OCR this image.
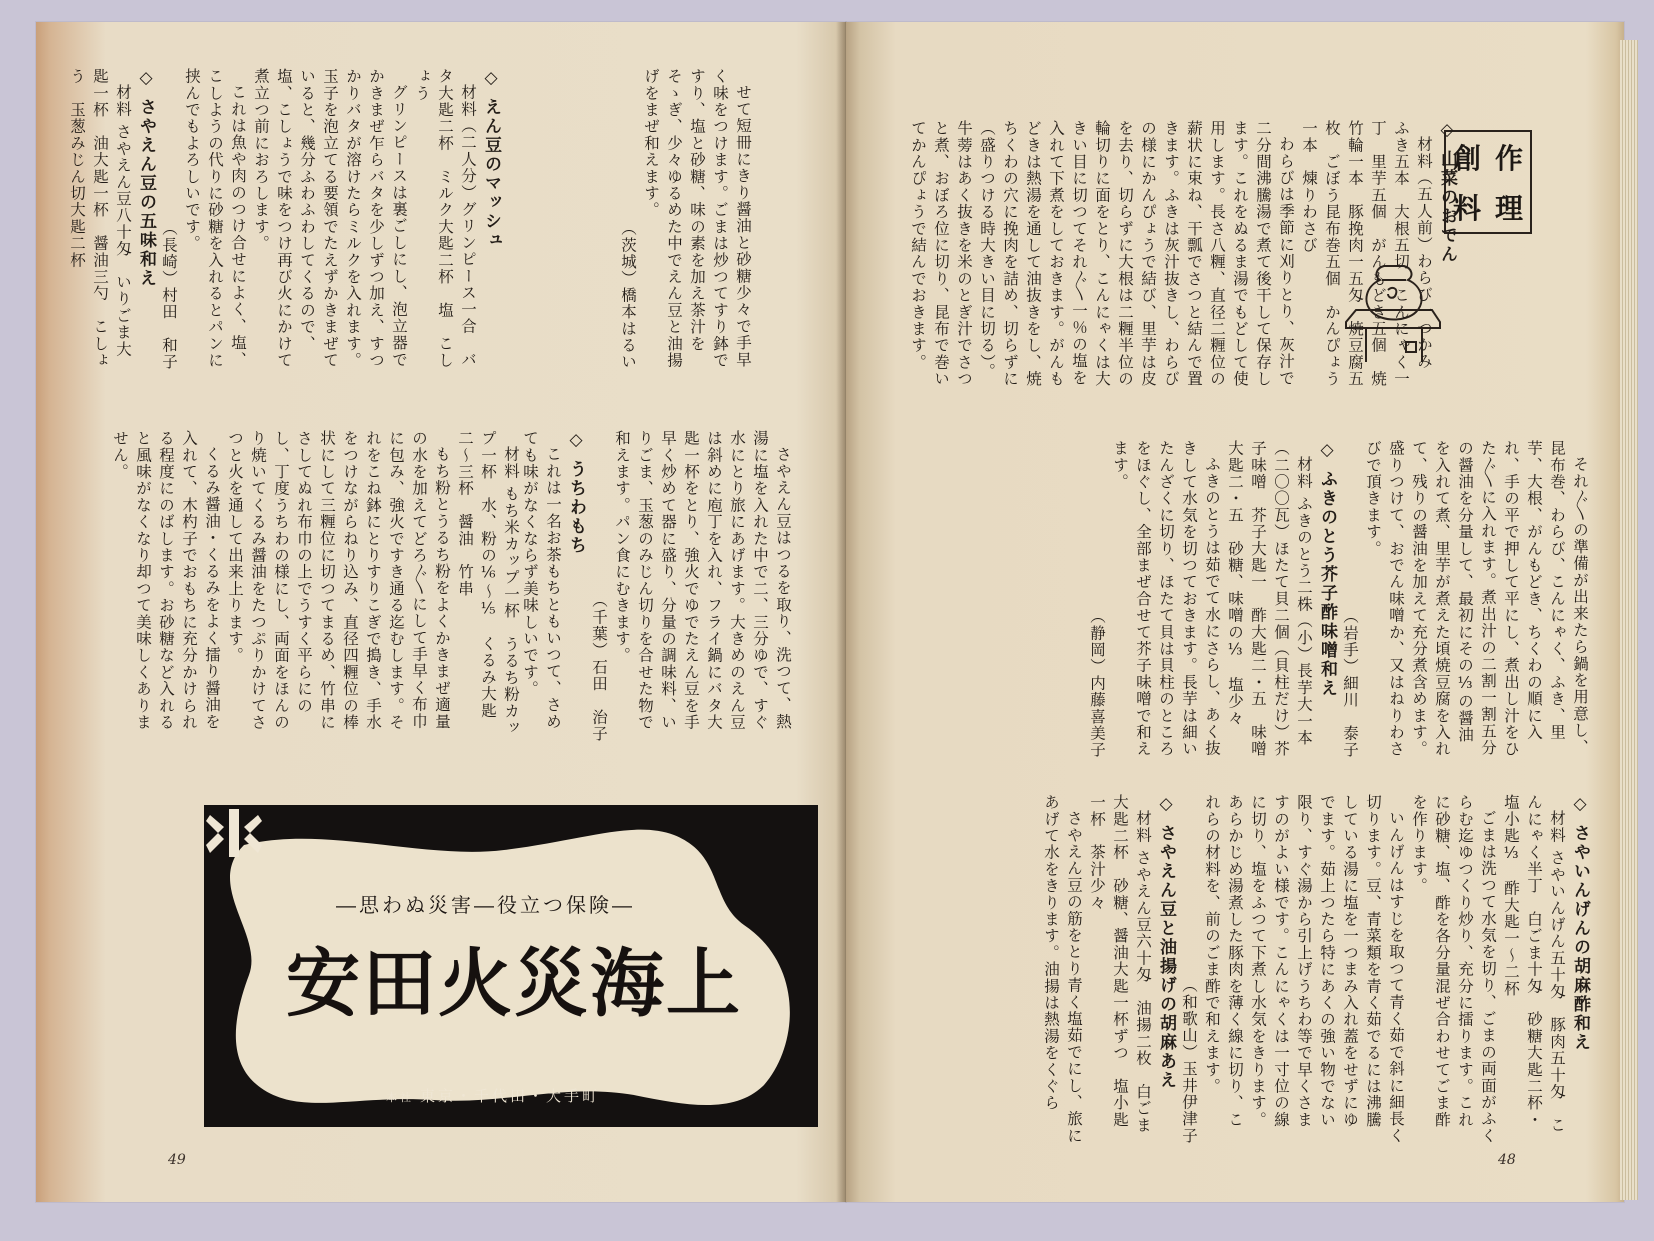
せて短冊にきり醤油と砂糖少々で手早く味をつけます。ごまは炒つてすり鉢ですり、塩と砂糖、味の素を加え茶汁をそゝぎ、少々ゆるめた中でえん豆と油揚げをまぜ和えます。

（茨城）橋本はるい

◇ えん豆のマッシュ

材料（二人分）グリンピース一合　バタ大匙二杯　ミルク大匙二杯　塩　こしょう

グリンピースは裏ごしにし、泡立器でかきまぜ乍らバタを少しずつ加え、すつかりバタが溶けたらミルクを入れます。玉子を泡立てる要領でたえずかきまぜていると、幾分ふわふわしてくるので、塩、こしょうで味をつけ再び火にかけて煮立つ前におろします。

これは魚や肉のつけ合せによく、塩、こしようの代りに砂糖を入れるとパンに挟んでもよろしいです。

（長崎）村田　和子

◇ さやえん豆の五味和え

材料 さやえん豆八十匁　いりごま大匙一杯　油大匙一杯　醤油三勺　こしょう　玉葱みじん切大匙二杯

さやえん豆はつるを取り、洗つて、熱湯に塩を入れた中で二、三分ゆで、すぐ水にとり旅にあげます。大きめのえん豆は斜めに庖丁を入れ、フライ鍋にバタ大匙一杯をとり、強火でゆでたえん豆を手早く炒めて器に盛り、分量の調味料、いりごま、玉葱のみじん切りを合せた物で和えます。パン食にむきます。

（千葉）石田　治子

◇ うちわもち

これは一名お茶もちともいつて、さめても味がなくならず美味しいです。

材料 もち米カップ一杯　うるち粉カップ一杯　水、粉の⅙〜⅕　くるみ大匙二〜三杯　醤油　竹串

もち粉とうるち粉をよくかきまぜ適量の水を加えてどろ〴〵にして手早く布巾に包み、強火ですき通る迄むします。それをこね鉢にとりすりこぎで搗き、手水をつけながらねり込み、直径四糎位の棒状にして三糎位に切つてまるめ、竹串にさしてぬれ布巾の上でうすく平らにのし、丁度うちわの様にし、両面をほんのり焼いてくるみ醤油をたつぷりかけてさつと火を通して出来上ります。

くるみ醤油・くるみをよく擂り醤油を入れて、木杓子でおもちに充分かけられる程度にのばします。お砂糖など入れると風味がなくなり却つて美味しくありません。

―思わぬ災害―役立つ保険―
安田火災海上
本社 東京・千代田・大手町
49
創 作
料 理

◇ 山菜のおでん

材料（五人前）わらび一つかみ　ふき五本　大根五切　こんにゃく一丁　里芋五個　がんもどき五個　焼竹輪一本　豚挽肉一五匁　焼豆腐五枚　ごぼう昆布巻五個　かんぴょう一本　煉りわさび

わらびは季節に刈りとり、灰汁で二分間沸騰湯で煮て後干して保存します。これをぬるま湯でもどして使用します。長さ八糎、直径二糎位の薪状に束ね、干瓢でさつと結んで置きます。ふきは灰汁抜きし、わらびの様にかんぴょうで結び、里芋は皮を去り、切らずに大根は二糎半位の輪切りに面をとり、こんにゃくは大きい目に切つてそれ〴〵一％の塩を入れて下煮をしておきます。がんもどきは熱湯を通して油抜きをし、焼ちくわの穴に挽肉を詰め、切らずに（盛りつける時大きい目に切る）。牛蒡はあく抜きを米のとぎ汁でさつと煮、おぼろ位に切り、昆布で巻いてかんぴょうで結んでおきます。

それ〴〵の準備が出来たら鍋を用意し、昆布巻、わらび、こんにゃく、ふき、里芋、大根、がんもどき、ちくわの順に入れ、手の平で押して平にし、煮出し汁をひた〴〵に入れます。煮出汁の二割一割五分の醤油を分量して、最初にその⅓の醤油を入れて煮、里芋が煮えた頃焼豆腐を入れて、残りの醤油を加えて充分煮含めます。盛りつけて、おでん味噌か、又はねりわさびで頂きます。

（岩手）細川　泰子

◇ ふきのとう芥子酢味噌和え

材料 ふきのとう二株（小）長芋大一本（二〇〇瓦）ほたて貝二個（貝柱だけ）芥子味噌　芥子大匙一　酢大匙二・五　味噌大匙二・五　砂糖、味噌の⅓　塩少々

ふきのとうは茹でて水にさらし、あく抜きして水気を切つておきます。長芋は細いたんざくに切り、ほたて貝は貝柱のところをほぐし、全部まぜ合せて芥子味噌で和えます。

（静岡）内藤喜美子

◇ さやいんげんの胡麻酢和え

材料 さやいんげん五十匁　豚肉五十匁　こんにゃく半丁　白ごま十匁　砂糖大匙二杯・塩小匙⅓　酢大匙一〜二杯

ごまは洗つて水気を切り、ごまの両面がふくらむ迄ゆつくり炒り、充分に擂ります。これに砂糖、塩、酢を各分量混ぜ合わせてごま酢を作ります。

いんげんはすじを取つて青く茹で斜に細長く切ります。豆、青菜類を青く茹でるには沸騰している湯に塩を一つまみ入れ蓋をせずにゆでます。茹上つたら特にあくの強い物でない限り、すぐ湯から引上げうちわ等で早くさますのがよい様です。こんにゃくは一寸位の線に切り、塩をふつて下煮し水気をきります。あらかじめ湯煮した豚肉を薄く線に切り、これらの材料を、前のごま酢で和えます。

（和歌山）玉井伊津子

◇ さやえん豆と油揚げの胡麻あえ

材料 さやえん豆六十匁　油揚二枚　白ごま大匙二杯　砂糖、醤油大匙一杯ずつ　塩小匙一杯　茶汁少々

さやえん豆の筋をとり青く塩茹でにし、旅にあげて水をきります。油揚は熱湯をくぐら

48
